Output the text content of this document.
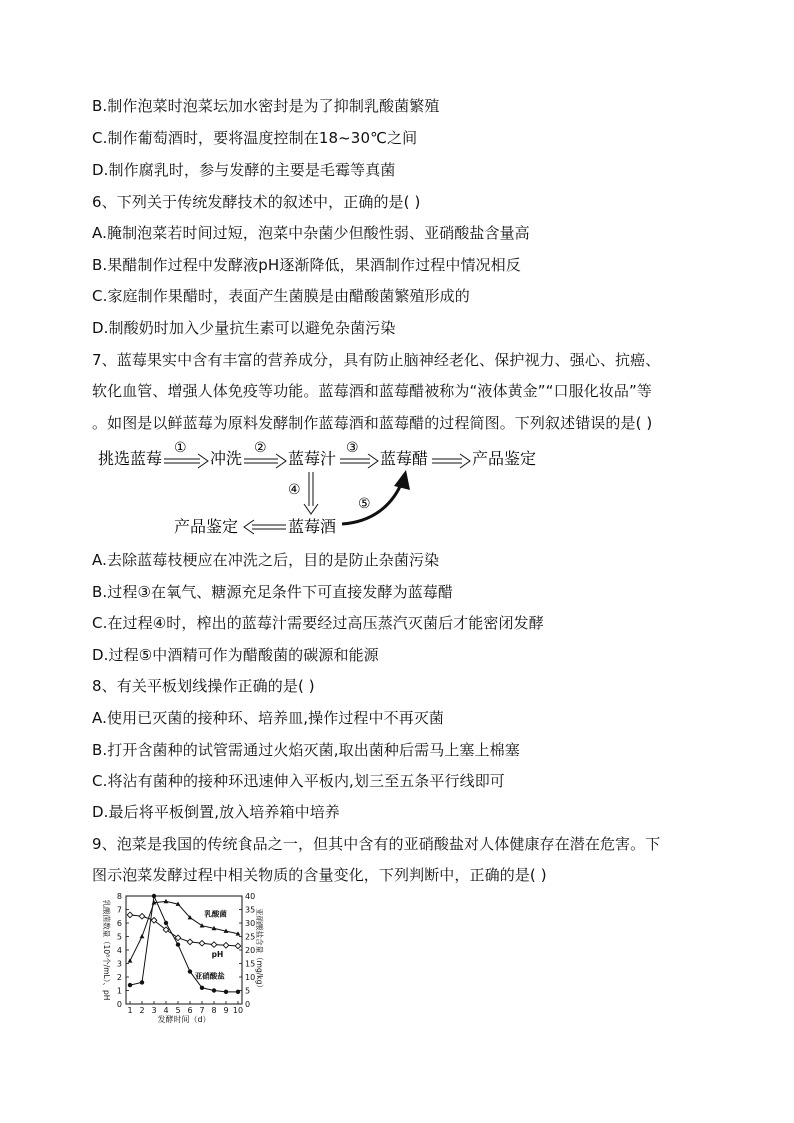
B.制作泡菜时泡菜坛加水密封是为了抑制乳酸菌繁殖
C.制作葡萄酒时，要将温度控制在18~30℃之间
D.制作腐乳时，参与发酵的主要是毛霉等真菌
6、下列关于传统发酵技术的叙述中，正确的是( )
A.腌制泡菜若时间过短，泡菜中杂菌少但酸性弱、亚硝酸盐含量高
B.果醋制作过程中发酵液pH逐渐降低，果酒制作过程中情况相反
C.家庭制作果醋时，表面产生菌膜是由醋酸菌繁殖形成的
D.制酸奶时加入少量抗生素可以避免杂菌污染
7、蓝莓果实中含有丰富的营养成分，具有防止脑神经老化、保护视力、强心、抗癌、
软化血管、增强人体免疫等功能。蓝莓酒和蓝莓醋被称为“液体黄金”“口服化妆品”等
。如图是以鲜蓝莓为原料发酵制作蓝莓酒和蓝莓醋的过程简图。下列叙述错误的是( )
挑选蓝莓
①
冲洗
②
蓝莓汁
③
蓝莓醋	产品鉴定
④
蓝莓酒
产品鉴定
⑤
A.去除蓝莓枝梗应在冲洗之后，目的是防止杂菌污染
B.过程③在氧气、糖源充足条件下可直接发酵为蓝莓醋
C.在过程④时，榨出的蓝莓汁需要经过高压蒸汽灭菌后才能密闭发酵
D.过程⑤中酒精可作为醋酸菌的碳源和能源
8、有关平板划线操作正确的是( )
A.使用已灭菌的接种环、培养皿,操作过程中不再灭菌
B.打开含菌种的试管需通过火焰灭菌,取出菌种后需马上塞上棉塞
C.将沾有菌种的接种环迅速伸入平板内,划三至五条平行线即可
D.最后将平板倒置,放入培养箱中培养
9、泡菜是我国的传统食品之一，但其中含有的亚硝酸盐对人体健康存在潜在危害。下
图示泡菜发酵过程中相关物质的含量变化，下列判断中，正确的是( )
0
1
2
3
4
5
6
7
8
0
5
10
15
20
25
30
35
40
1 2 3 4 5 6 7 8 9 10
发酵时间（d）
乳酸菌数量（10⁸个/mL）、pH	亚硝酸盐含量（mg/kg）
乳酸菌
pH
亚硝酸盐
